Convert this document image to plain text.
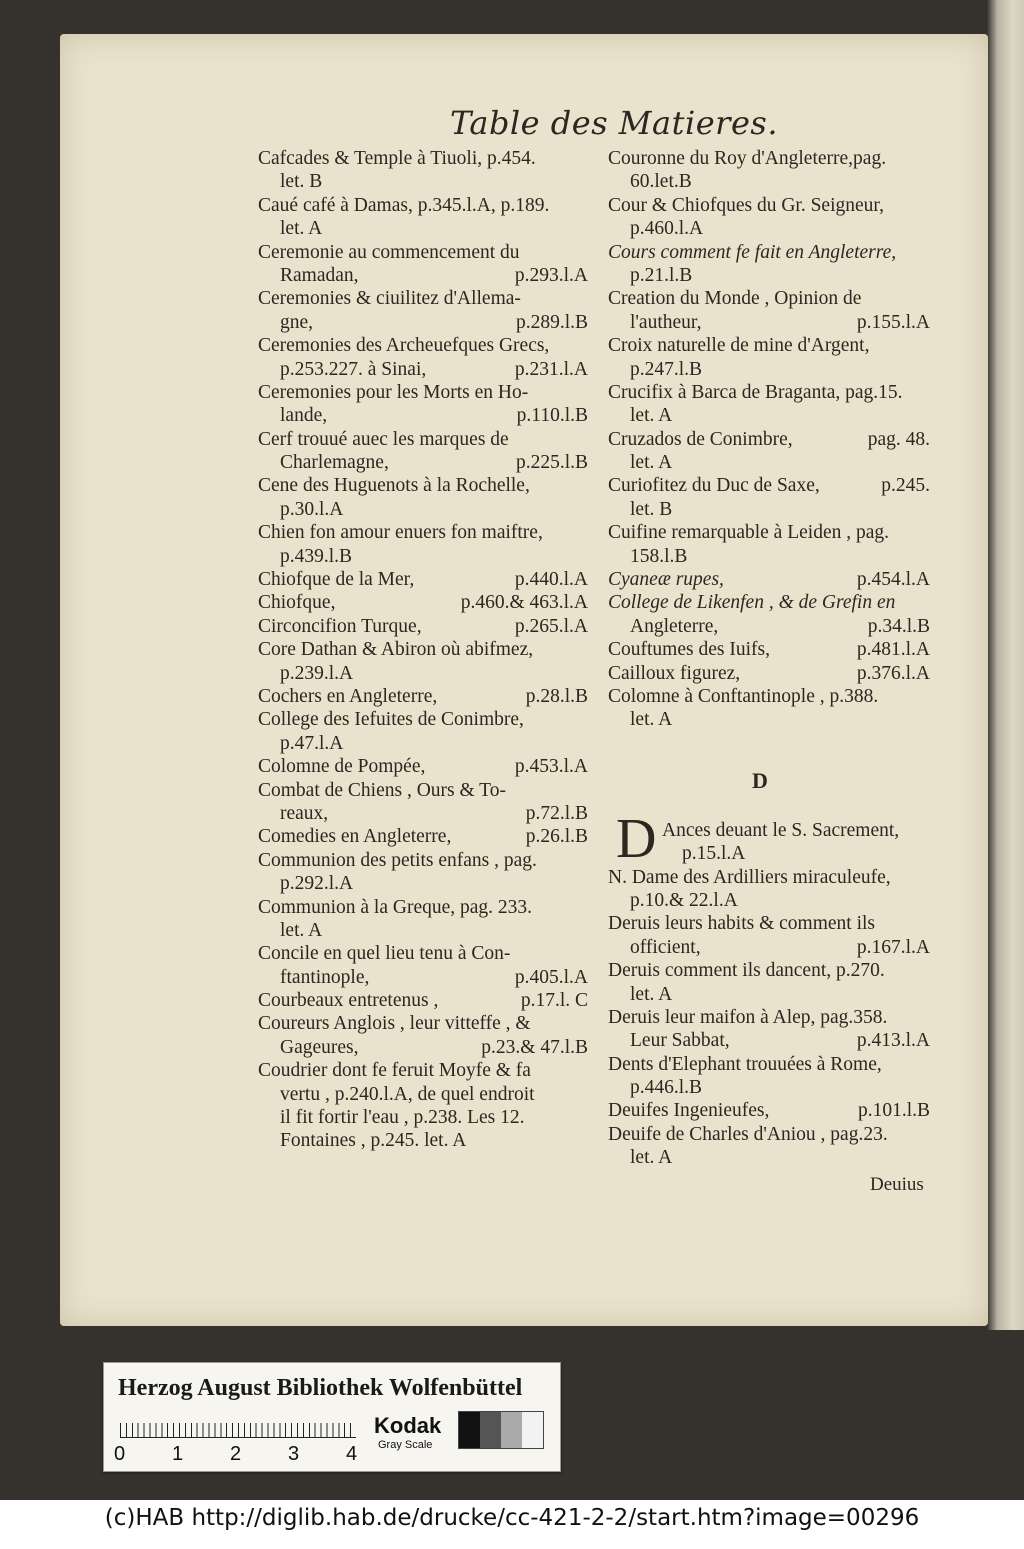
Table des Matieres.
Cafcades & Temple à Tiuoli, p.454.
let. B
Caué café à Damas, p.345.l.A, p.189.
let. A
Ceremonie au commencement du
Ramadan,	p.293.l.A
Ceremonies & ciuilitez d'Allema-
gne,	p.289.l.B
Ceremonies des Archeuefques Grecs,
p.253.227. à Sinai,	p.231.l.A
Ceremonies pour les Morts en Ho-
lande,	p.110.l.B
Cerf trouué auec les marques de
Charlemagne,	p.225.l.B
Cene des Huguenots à la Rochelle,
p.30.l.A
Chien fon amour enuers fon maiftre,
p.439.l.B
Chiofque de la Mer,	p.440.l.A
Chiofque,	p.460.& 463.l.A
Circoncifion Turque,	p.265.l.A
Core Dathan & Abiron où abifmez,
p.239.l.A
Cochers en Angleterre,	p.28.l.B
College des Iefuites de Conimbre,
p.47.l.A
Colomne de Pompée,	p.453.l.A
Combat de Chiens , Ours & To-
reaux,	p.72.l.B
Comedies en Angleterre,	p.26.l.B
Communion des petits enfans , pag.
p.292.l.A
Communion à la Greque, pag. 233.
let. A
Concile en quel lieu tenu à Con-
ftantinople,	p.405.l.A
Courbeaux entretenus ,	p.17.l. C
Coureurs Anglois , leur vitteffe , &
Gageures,	p.23.& 47.l.B
Coudrier dont fe feruit Moyfe & fa
vertu , p.240.l.A, de quel endroit
il fit fortir l'eau , p.238. Les 12.
Fontaines , p.245. let. A
Couronne du Roy d'Angleterre,pag.
60.let.B
Cour & Chiofques du Gr. Seigneur,
p.460.l.A
Cours comment fe fait en Angleterre,
p.21.l.B
Creation du Monde , Opinion de
l'autheur,	p.155.l.A
Croix naturelle de mine d'Argent,
p.247.l.B
Crucifix à Barca de Braganta, pag.15.
let. A
Cruzados de Conimbre,	pag. 48.
let. A
Curiofitez du Duc de Saxe,	p.245.
let. B
Cuifine remarquable à Leiden , pag.
158.l.B
Cyaneæ rupes,	p.454.l.A
College de Likenfen , & de Grefin en
Angleterre,	p.34.l.B
Couftumes des Iuifs,	p.481.l.A
Cailloux figurez,	p.376.l.A
Colomne à Conftantinople , p.388.
let. A
Ances deuant le S. Sacrement,
p.15.l.A
N. Dame des Ardilliers miraculeufe,
p.10.& 22.l.A
Deruis leurs habits & comment ils
officient,	p.167.l.A
Deruis comment ils dancent, p.270.
let. A
Deruis leur maifon à Alep, pag.358.
Leur Sabbat,	p.413.l.A
Dents d'Elephant trouuées à Rome,
p.446.l.B
Deuifes Ingenieufes,	p.101.l.B
Deuife de Charles d'Aniou , pag.23.
let. A
D
D
Deuius
Herzog August Bibliothek Wolfenbüttel
0 1 2 3 4
Kodak
Gray Scale
(c)HAB http://diglib.hab.de/drucke/cc-421-2-2/start.htm?image=00296
